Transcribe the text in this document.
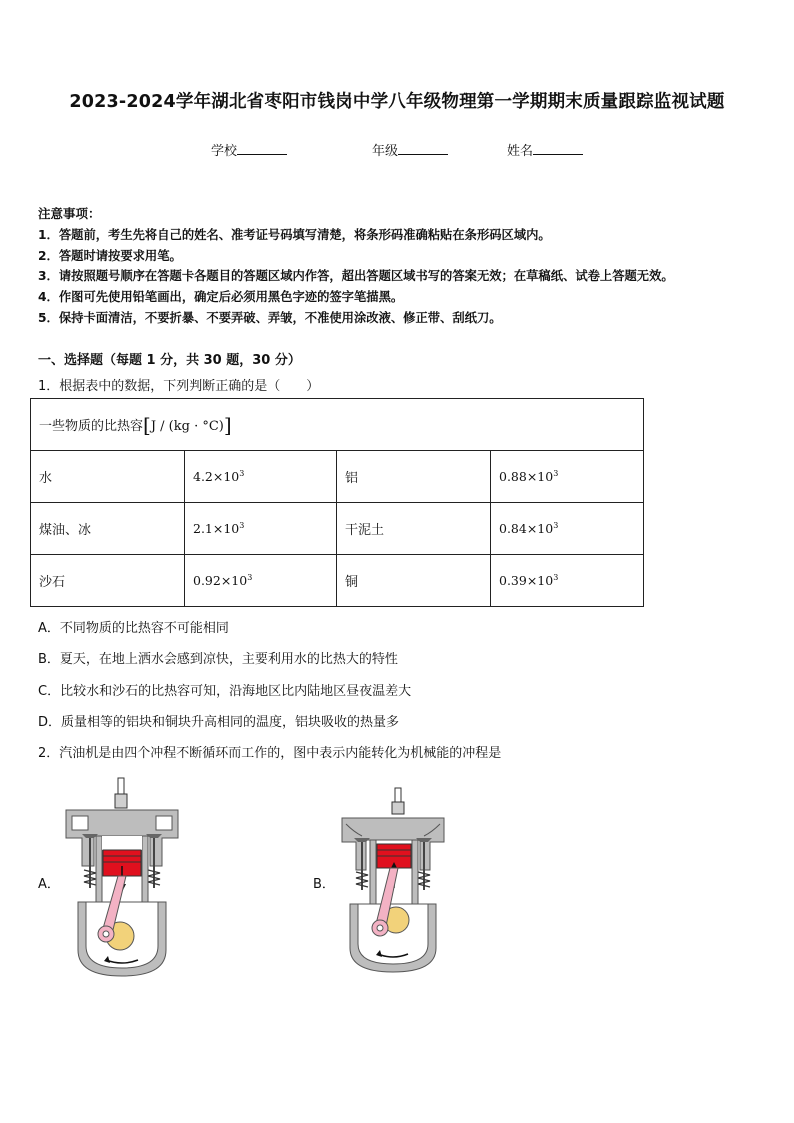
2023-2024学年湖北省枣阳市钱岗中学八年级物理第一学期期末质量跟踪监视试题
学校	年级	姓名
注意事项：
1．答题前，考生先将自己的姓名、准考证号码填写清楚，将条形码准确粘贴在条形码区域内。
2．答题时请按要求用笔。
3．请按照题号顺序在答题卡各题目的答题区域内作答，超出答题区域书写的答案无效；在草稿纸、试卷上答题无效。
4．作图可先使用铅笔画出，确定后必须用黑色字迹的签字笔描黑。
5．保持卡面清洁，不要折暴、不要弄破、弄皱，不准使用涂改液、修正带、刮纸刀。
一、选择题（每题 1 分，共 30 题，30 分）
1．根据表中的数据，下列判断正确的是（　　）
一些物质的比热容[J / (kg · °C)]			
水	$4.2\times 10^3$	铝	$0.88\times 10^3$
煤油、冰	$2.1\times 10^3$	干泥土	$0.84\times 10^3$
沙石	$0.92\times 10^3$	铜	$0.39\times 10^3$
A．不同物质的比热容不可能相同
B．夏天，在地上洒水会感到凉快，主要利用水的比热大的特性
C．比较水和沙石的比热容可知，沿海地区比内陆地区昼夜温差大
D．质量相等的铝块和铜块升高相同的温度，铝块吸收的热量多
2．汽油机是由四个冲程不断循环而工作的，图中表示内能转化为机械能的冲程是
A．	B．
